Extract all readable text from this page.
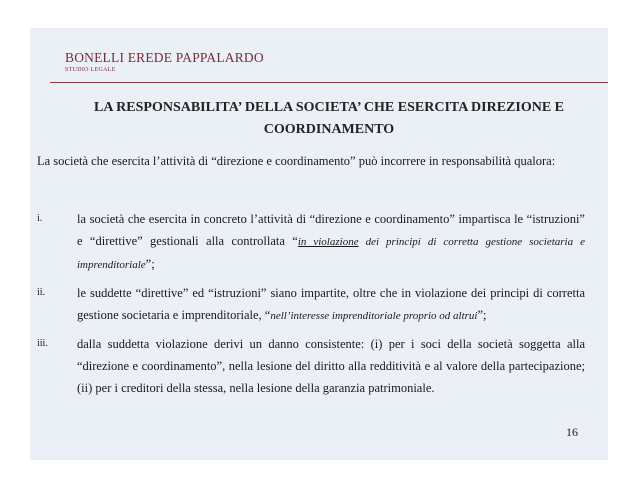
BONELLI EREDE PAPPALARDO
STUDIO LEGALE
LA RESPONSABILITA’ DELLA SOCIETA’ CHE ESERCITA DIREZIONE E COORDINAMENTO
La società che esercita l’attività di “direzione e coordinamento” può incorrere in responsabilità qualora:
i.	la società che esercita in concreto l’attività di “direzione e coordinamento” impartisca le “istruzioni” e “direttive” gestionali alla controllata “in violazione dei principi di corretta gestione societaria e imprenditoriale”;
ii.	le suddette “direttive” ed “istruzioni” siano impartite, oltre che in violazione dei principi di corretta gestione societaria e imprenditoriale, “nell’interesse imprenditoriale proprio od altrui”;
iii. dalla suddetta violazione derivi un danno consistente: (i) per i soci della società soggetta alla “direzione e coordinamento”, nella lesione del diritto alla redditività e al valore della partecipazione; (ii) per i creditori della stessa, nella lesione della garanzia patrimoniale.
16
